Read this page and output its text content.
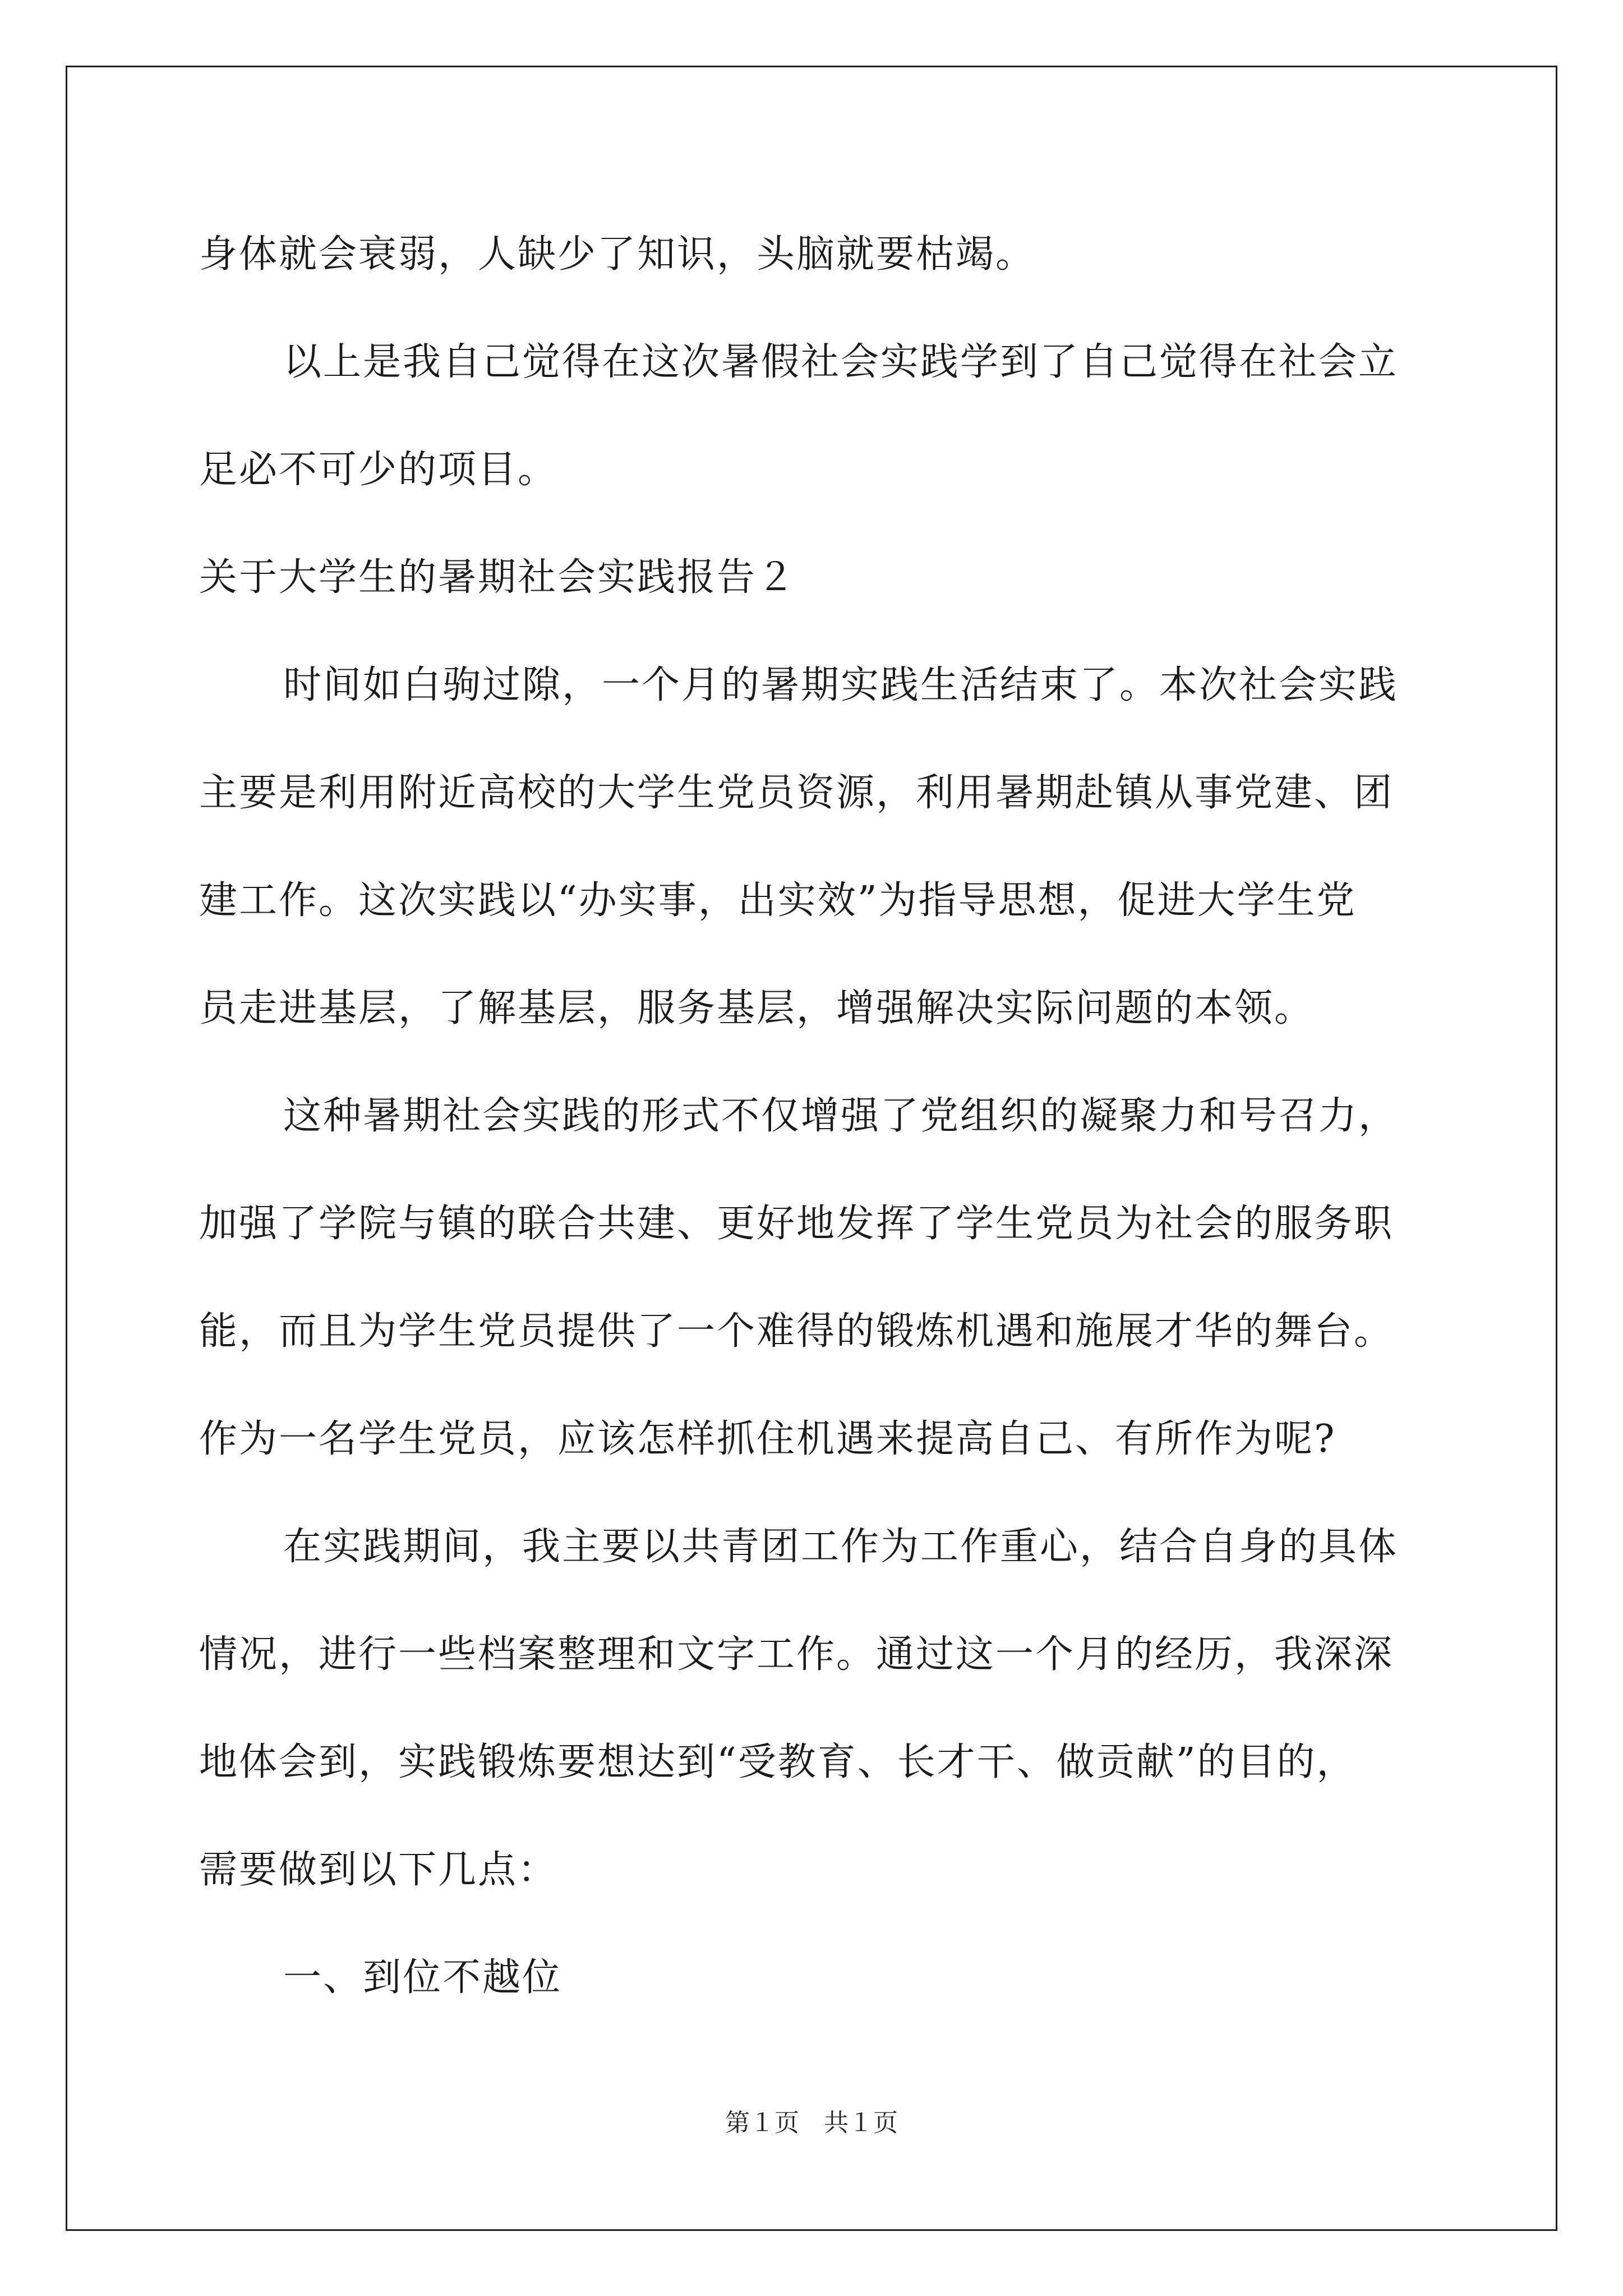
身体就会衰弱，人缺少了知识，头脑就要枯竭。
以上是我自己觉得在这次暑假社会实践学到了自己觉得在社会立
足必不可少的项目。
关于大学生的暑期社会实践报告２
时间如白驹过隙，一个月的暑期实践生活结束了。本次社会实践
主要是利用附近高校的大学生党员资源，利用暑期赴镇从事党建、团
建工作。这次实践以“办实事，出实效”为指导思想，促进大学生党
员走进基层，了解基层，服务基层，增强解决实际问题的本领。
这种暑期社会实践的形式不仅增强了党组织的凝聚力和号召力，
加强了学院与镇的联合共建、更好地发挥了学生党员为社会的服务职
能，而且为学生党员提供了一个难得的锻炼机遇和施展才华的舞台。
作为一名学生党员，应该怎样抓住机遇来提高自己、有所作为呢?
在实践期间，我主要以共青团工作为工作重心，结合自身的具体
情况，进行一些档案整理和文字工作。通过这一个月的经历，我深深
地体会到，实践锻炼要想达到“受教育、长才干、做贡献”的目的，
需要做到以下几点：
一、到位不越位
第１页　共１页
